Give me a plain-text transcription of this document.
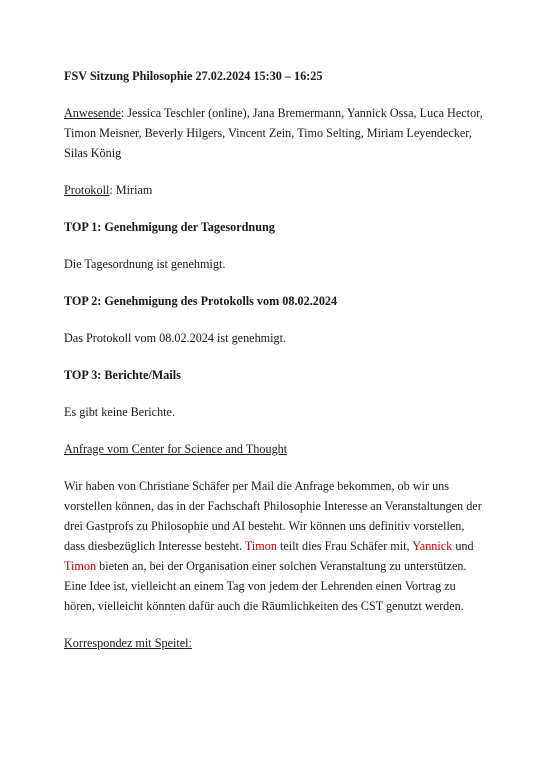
FSV Sitzung Philosophie 27.02.2024 15:30 – 16:25

Anwesende: Jessica Teschler (online), Jana Bremermann, Yannick Ossa, Luca Hector, Timon Meisner, Beverly Hilgers, Vincent Zein, Timo Selting, Miriam Leyendecker, Silas König

Protokoll: Miriam

TOP 1: Genehmigung der Tagesordnung

Die Tagesordnung ist genehmigt.

TOP 2: Genehmigung des Protokolls vom 08.02.2024

Das Protokoll vom 08.02.2024 ist genehmigt.

TOP 3: Berichte/Mails

Es gibt keine Berichte.

Anfrage vom Center for Science and Thought

Wir haben von Christiane Schäfer per Mail die Anfrage bekommen, ob wir uns vorstellen können, das in der Fachschaft Philosophie Interesse an Veranstaltungen der drei Gastprofs zu Philosophie und AI besteht. Wir können uns definitiv vorstellen, dass diesbezüglich Interesse besteht. Timon teilt dies Frau Schäfer mit, Yannick und Timon bieten an, bei der Organisation einer solchen Veranstaltung zu unterstützen. Eine Idee ist, vielleicht an einem Tag von jedem der Lehrenden einen Vortrag zu hören, vielleicht könnten dafür auch die Räumlichkeiten des CST genutzt werden.

Korrespondez mit Speitel:
